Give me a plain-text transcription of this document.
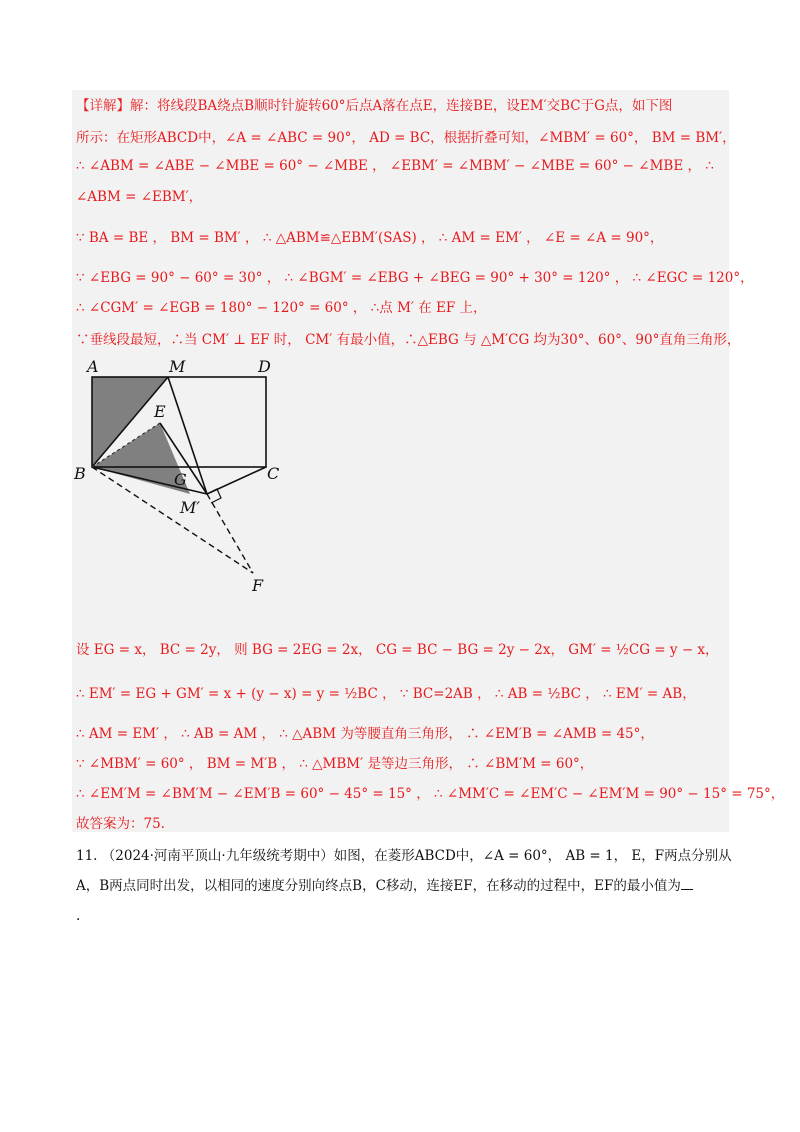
【详解】解：将线段BA绕点B顺时针旋转60°后点A落在点E，连接BE，设EM′交BC于G点，如下图
所示：在矩形ABCD中，∠A = ∠ABC = 90°， AD = BC，根据折叠可知，∠MBM′ = 60°， BM = BM′，
∴ ∠ABM = ∠ABE − ∠MBE = 60° − ∠MBE ， ∠EBM′ = ∠MBM′ − ∠MBE = 60° − ∠MBE ， ∴
∠ABM = ∠EBM′，
∵ BA = BE ， BM = BM′ ， ∴ △ABM≌△EBM′(SAS) ， ∴ AM = EM′ ， ∠E = ∠A = 90°，
∵ ∠EBG = 90° − 60° = 30° ， ∴ ∠BGM′ = ∠EBG + ∠BEG = 90° + 30° = 120° ， ∴ ∠EGC = 120°，
∴ ∠CGM′ = ∠EGB = 180° − 120° = 60° ， ∴点 M′ 在 EF 上，
∵垂线段最短，∴当 CM′ ⊥ EF 时， CM′ 有最小值，∴△EBG 与 △M′CG 均为30°、60°、90°直角三角形，
A	M	D
E
B	G	C
M′
F
设 EG = x， BC = 2y， 则 BG = 2EG = 2x， CG = BC − BG = 2y − 2x， GM′ = ½CG = y − x，
∴ EM′ = EG + GM′ = x + (y − x) = y = ½BC ， ∵ BC=2AB ， ∴ AB = ½BC ， ∴ EM′ = AB，
∴ AM = EM′ ， ∴ AB = AM ， ∴ △ABM 为等腰直角三角形， ∴ ∠EM′B = ∠AMB = 45°，
∵ ∠MBM′ = 60° ， BM = M′B ， ∴ △MBM′ 是等边三角形， ∴ ∠BM′M = 60°，
∴ ∠EM′M = ∠BM′M − ∠EM′B = 60° − 45° = 15° ， ∴ ∠MM′C = ∠EM′C − ∠EM′M = 90° − 15° = 75°，
故答案为：75.
11. （2024·河南平顶山·九年级统考期中）如图，在菱形ABCD中，∠A = 60°， AB = 1， E，F两点分别从
A，B两点同时出发，以相同的速度分别向终点B，C移动，连接EF，在移动的过程中，EF的最小值为
.
